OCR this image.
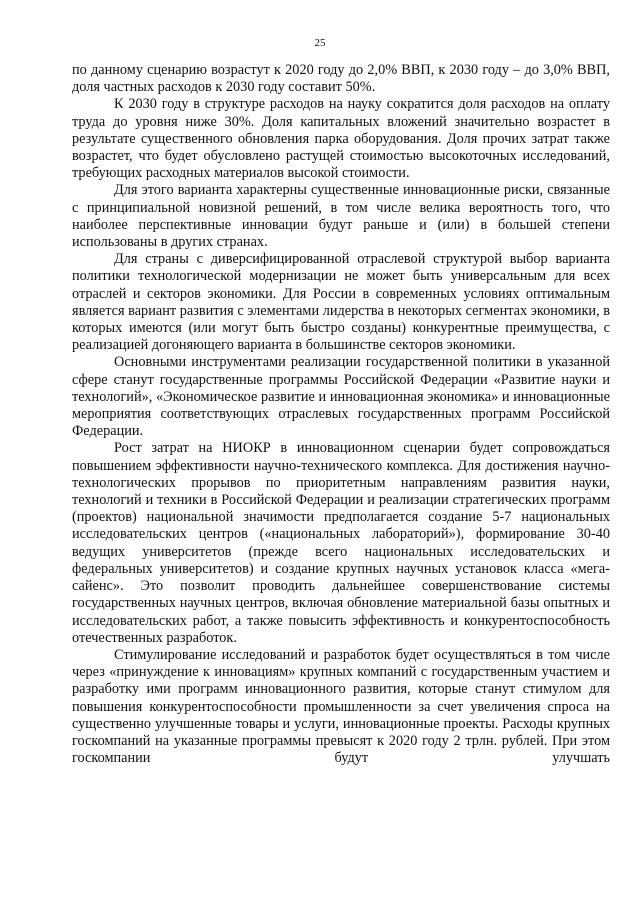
25

по данному сценарию возрастут к 2020 году до 2,0% ВВП, к 2030 году – до 3,0% ВВП, доля частных расходов к 2030 году составит 50%.

К 2030 году в структуре расходов на науку сократится доля расходов на оплату труда до уровня ниже 30%. Доля капитальных вложений значительно возрастет в результате существенного обновления парка оборудования. Доля прочих затрат также возрастет, что будет обусловлено растущей стоимостью высокоточных исследований, требующих расходных материалов высокой стоимости.

Для этого варианта характерны существенные инновационные риски, связанные с принципиальной новизной решений, в том числе велика вероятность того, что наиболее перспективные инновации будут раньше и (или) в большей степени использованы в других странах.

Для страны с диверсифицированной отраслевой структурой выбор варианта политики технологической модернизации не может быть универсальным для всех отраслей и секторов экономики. Для России в современных условиях оптимальным является вариант развития с элементами лидерства в некоторых сегментах экономики, в которых имеются (или могут быть быстро созданы) конкурентные преимущества, с реализацией догоняющего варианта в большинстве секторов экономики.

Основными инструментами реализации государственной политики в указанной сфере станут государственные программы Российской Федерации «Развитие науки и технологий», «Экономическое развитие и инновационная экономика» и инновационные мероприятия соответствующих отраслевых государственных программ Российской Федерации.

Рост затрат на НИОКР в инновационном сценарии будет сопровождаться повышением эффективности научно-технического комплекса. Для достижения научно-технологических прорывов по приоритетным направлениям развития науки, технологий и техники в Российской Федерации и реализации стратегических программ (проектов) национальной значимости предполагается создание 5-7 национальных исследовательских центров («национальных лабораторий»), формирование 30-40 ведущих университетов (прежде всего национальных исследовательских и федеральных университетов) и создание крупных научных установок класса «мега-сайенс». Это позволит проводить дальнейшее совершенствование системы государственных научных центров, включая обновление материальной базы опытных и исследовательских работ, а также повысить эффективность и конкурентоспособность отечественных разработок.

Стимулирование исследований и разработок будет осуществляться в том числе через «принуждение к инновациям» крупных компаний с государственным участием и разработку ими программ инновационного развития, которые станут стимулом для повышения конкурентоспособности промышленности за счет увеличения спроса на существенно улучшенные товары и услуги, инновационные проекты. Расходы крупных госкомпаний на указанные программы превысят к 2020 году 2 трлн. рублей. При этом госкомпании будут улучшать
